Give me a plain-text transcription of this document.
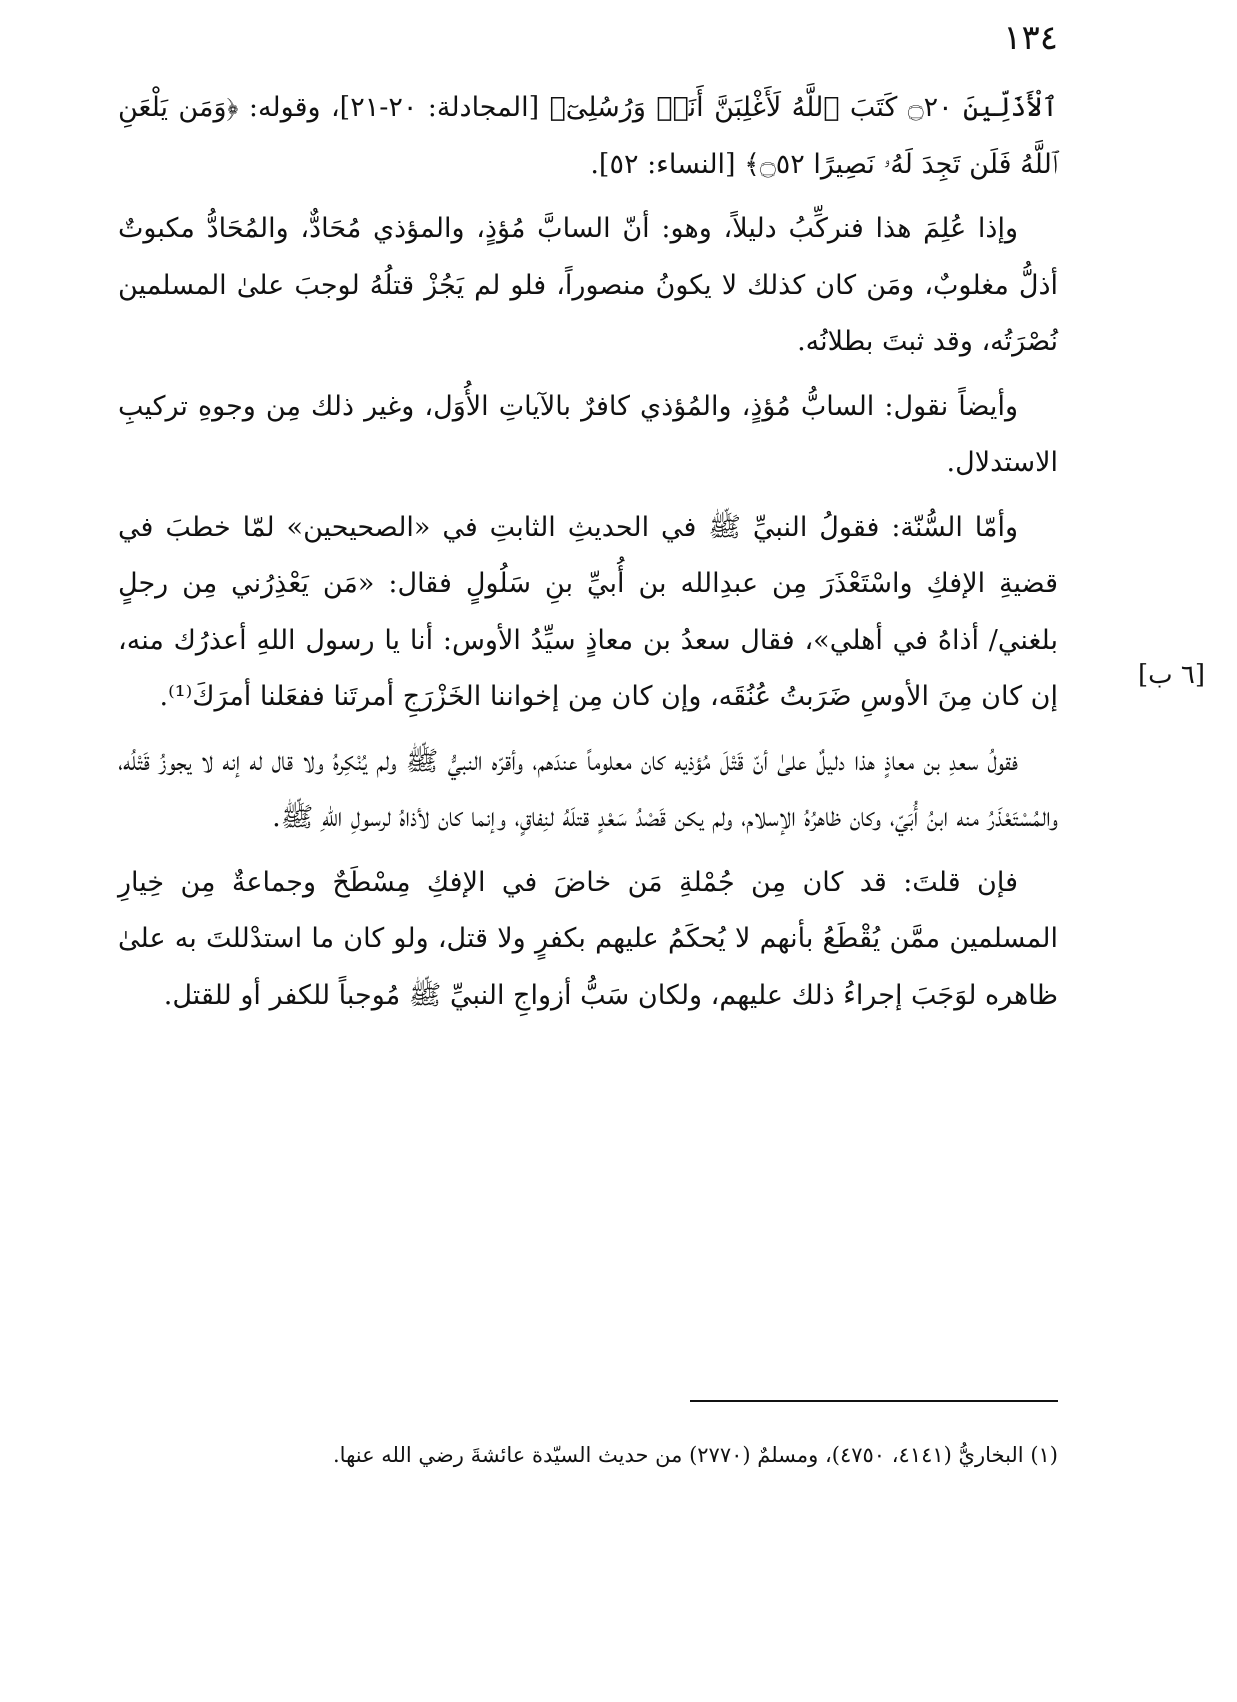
١٣٤

ٱلْأَذَلِّينَ ۝٢٠ كَتَبَ ٱللَّهُ لَأَغْلِبَنَّ أَنَا۠ وَرُسُلِىٓ﴾ [المجادلة: ٢٠-٢١]، وقوله: ﴿وَمَن يَلْعَنِ ٱللَّهُ فَلَن تَجِدَ لَهُۥ نَصِيرًا ۝٥٢﴾ [النساء: ٥٢].

وإذا عُلِمَ هذا فنركِّبُ دليلاً، وهو: أنّ السابَّ مُؤذٍ، والمؤذي مُحَادٌّ، والمُحَادُّ مكبوتٌ أذلُّ مغلوبٌ، ومَن كان كذلك لا يكونُ منصوراً، فلو لم يَجُزْ قتلُهُ لوجبَ علىٰ المسلمين نُصْرَتُه، وقد ثبتَ بطلانُه.

وأيضاً نقول: السابُّ مُؤذٍ، والمُؤذي كافرٌ بالآياتِ الأُوَل، وغير ذلك مِن وجوهِ تركيبِ الاستدلال.

وأمّا السُّنّة: فقولُ النبيِّ ﷺ في الحديثِ الثابتِ في «الصحيحين» لمّا خطبَ في قضيةِ الإفكِ واسْتَعْذَرَ مِن عبدِالله بن أُبيِّ بنِ سَلُولٍ فقال: «مَن يَعْذِرُني مِن رجلٍ بلغني/ أذاهُ في أهلي»، فقال سعدُ بن معاذٍ سيِّدُ الأوس: أنا يا رسول اللهِ أعذرُك منه، إن كان مِنَ الأوسِ ضَرَبتُ عُنُقَه، وإن كان مِن إخواننا الخَزْرَجِ أمرتَنا ففعَلنا أمرَكَ⁽¹⁾.

فقولُ سعدِ بن معاذٍ هذا دليلٌ علىٰ أنّ قَتْلَ مُؤذيه كان معلوماً عندَهم، وأقرّه النبيُّ ﷺ ولم يُنْكِرهُ ولا قال له إنه لا يجوزُ قَتْلُه، والمُسْتَعْذَرُ منه ابنُ أُبَيّ، وكان ظاهرُهُ الإسلام، ولم يكن قَصْدُ سَعْدٍ قتلَهُ لنِفاقٍ، وإنما كان لأذاهُ لرسولِ اللهِ ﷺ.

فإن قلتَ: قد كان مِن جُمْلةِ مَن خاضَ في الإفكِ مِسْطَحٌ وجماعةٌ مِن خِيارِ المسلمين ممَّن يُقْطَعُ بأنهم لا يُحكَمُ عليهم بكفرٍ ولا قتل، ولو كان ما استدْللتَ به علىٰ ظاهره لوَجَبَ إجراءُ ذلك عليهم، ولكان سَبُّ أزواجِ النبيِّ ﷺ مُوجباً للكفر أو للقتل.

[٦ ب]
(١) البخاريُّ (٤١٤١، ٤٧٥٠)، ومسلمٌ (٢٧٧٠) من حديث السيّدة عائشةَ رضي الله عنها.
